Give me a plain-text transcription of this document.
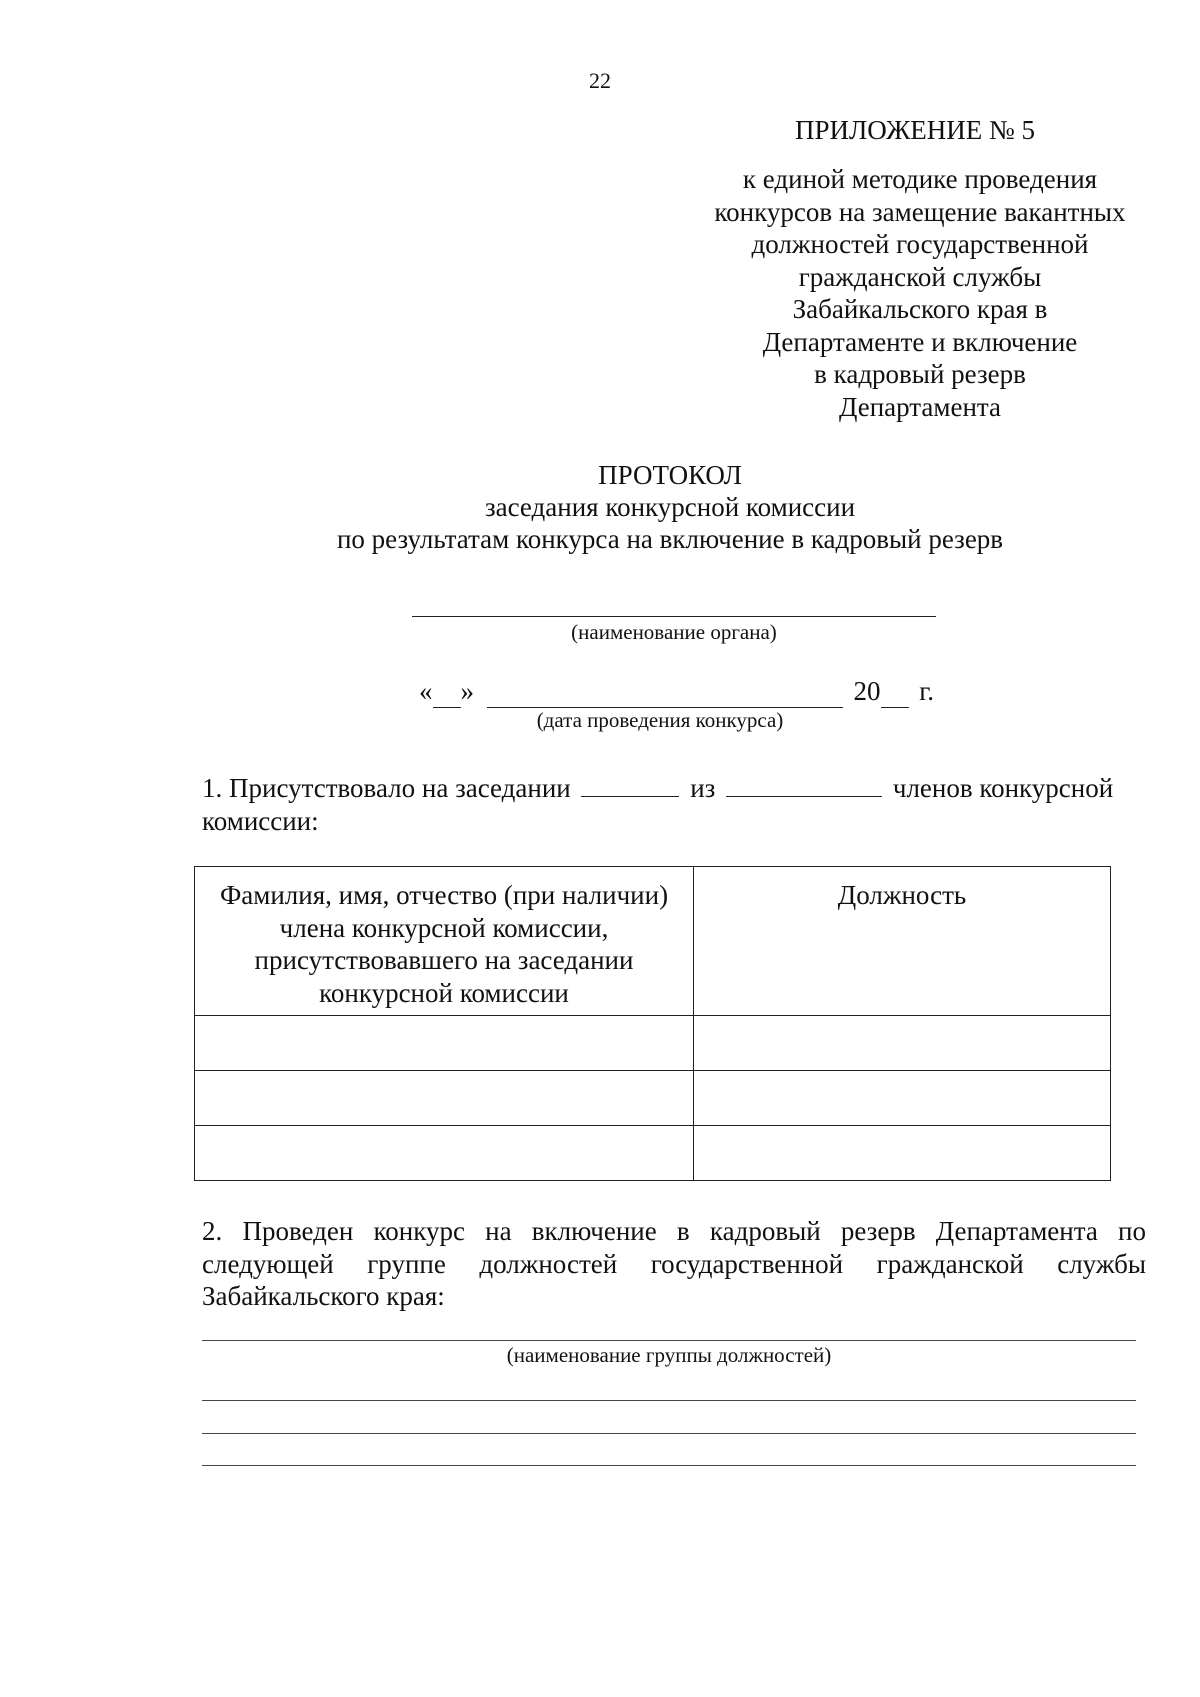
22
ПРИЛОЖЕНИЕ № 5
к единой методике проведения
конкурсов на замещение вакантных
должностей государственной
гражданской службы
Забайкальского края в
Департаменте и включение
в кадровый резерв
Департамента
ПРОТОКОЛ
заседания конкурсной комиссии
по результатам конкурса на включение в кадровый резерв
(наименование органа)
« »	20 г.
(дата проведения конкурса)
1. Присутствовало на заседании	из	членов конкурсной
комиссии:
Фамилия, имя, отчество (при наличии)
члена конкурсной комиссии,
присутствовавшего на заседании
конкурсной комиссии	Должность

2. Проведен конкурс на включение в кадровый резерв Департамента по
следующей группе должностей государственной гражданской службы
Забайкальского края:
(наименование группы должностей)
